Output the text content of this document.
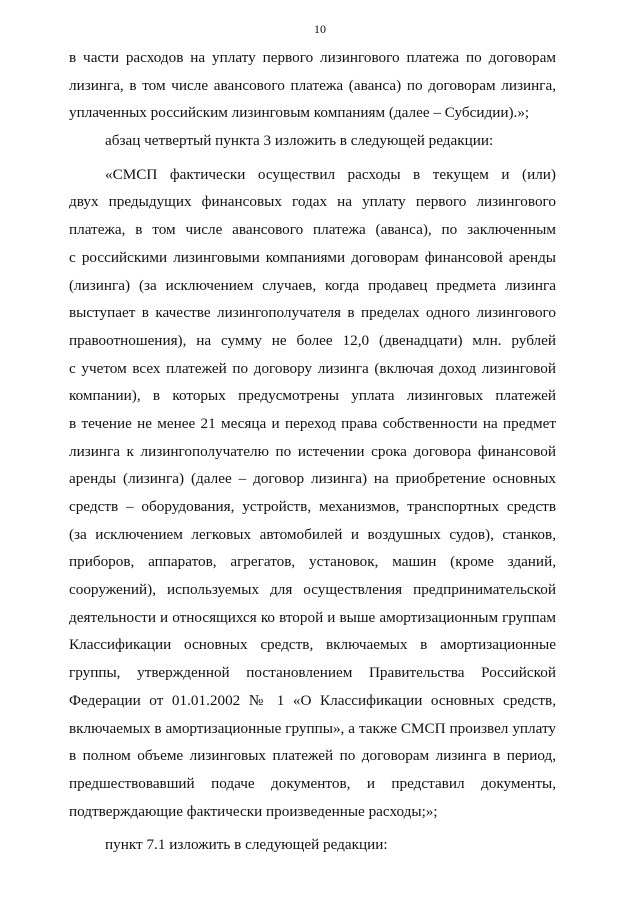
10
в части расходов на уплату первого лизингового платежа по договорам
лизинга, в том числе авансового платежа (аванса) по договорам лизинга,
уплаченных российским лизинговым компаниям (далее – Субсидии).»;
абзац четвертый пункта 3 изложить в следующей редакции:
«СМСП фактически осуществил расходы в текущем и (или)
двух предыдущих финансовых годах на уплату первого лизингового
платежа, в том числе авансового платежа (аванса), по заключенным
с российскими лизинговыми компаниями договорам финансовой аренды
(лизинга) (за исключением случаев, когда продавец предмета лизинга
выступает в качестве лизингополучателя в пределах одного лизингового
правоотношения), на сумму не более 12,0 (двенадцати) млн. рублей
с учетом всех платежей по договору лизинга (включая доход лизинговой
компании), в которых предусмотрены уплата лизинговых платежей
в течение не менее 21 месяца и переход права собственности на предмет
лизинга к лизингополучателю по истечении срока договора финансовой
аренды (лизинга) (далее – договор лизинга) на приобретение основных
средств – оборудования, устройств, механизмов, транспортных средств
(за исключением легковых автомобилей и воздушных судов), станков,
приборов, аппаратов, агрегатов, установок, машин (кроме зданий,
сооружений), используемых для осуществления предпринимательской
деятельности и относящихся ко второй и выше амортизационным группам
Классификации основных средств, включаемых в амортизационные
группы, утвержденной постановлением Правительства Российской
Федерации от 01.01.2002 № 1 «О Классификации основных средств,
включаемых в амортизационные группы», а также СМСП произвел уплату
в полном объеме лизинговых платежей по договорам лизинга в период,
предшествовавший подаче документов, и представил документы,
подтверждающие фактически произведенные расходы;»;
пункт 7.1 изложить в следующей редакции:
